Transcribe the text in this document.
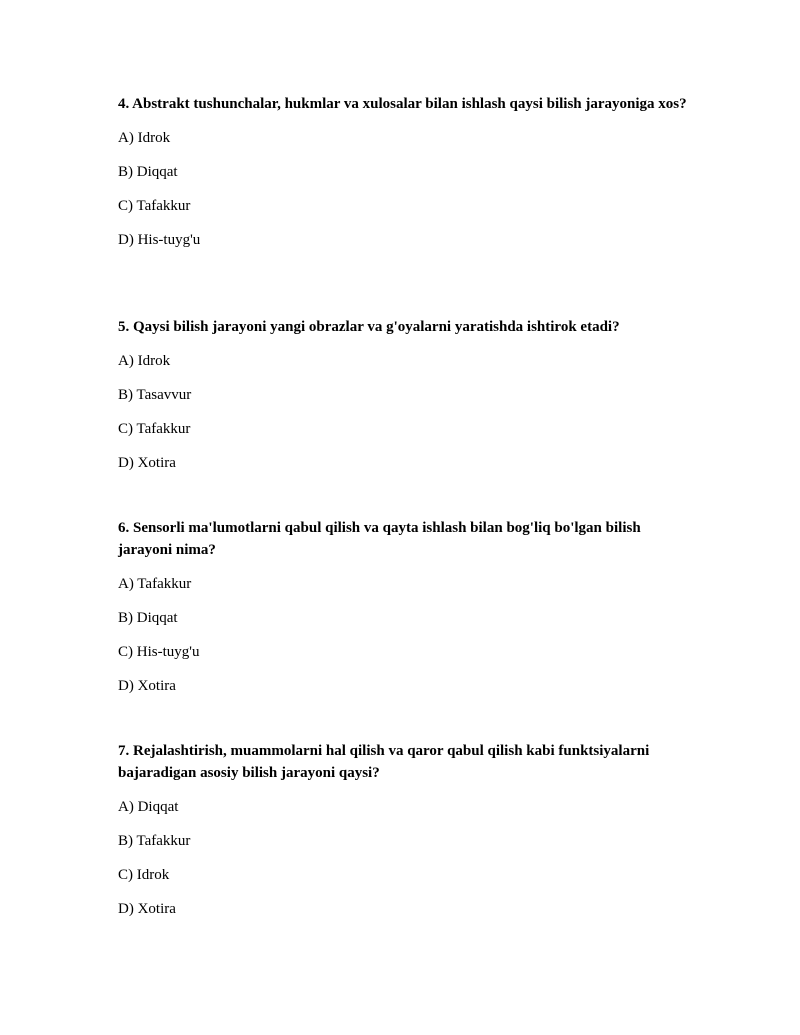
4. Abstrakt tushunchalar, hukmlar va xulosalar bilan ishlash qaysi bilish jarayoniga xos?

A) Idrok

B) Diqqat

C) Tafakkur

D) His-tuyg'u

5. Qaysi bilish jarayoni yangi obrazlar va g'oyalarni yaratishda ishtirok etadi?

A) Idrok

B) Tasavvur

C) Tafakkur

D) Xotira

6. Sensorli ma'lumotlarni qabul qilish va qayta ishlash bilan bog'liq bo'lgan bilish jarayoni nima?

A) Tafakkur

B) Diqqat

C) His-tuyg'u

D) Xotira

7. Rejalashtirish, muammolarni hal qilish va qaror qabul qilish kabi funktsiyalarni bajaradigan asosiy bilish jarayoni qaysi?

A) Diqqat

B) Tafakkur

C) Idrok

D) Xotira
